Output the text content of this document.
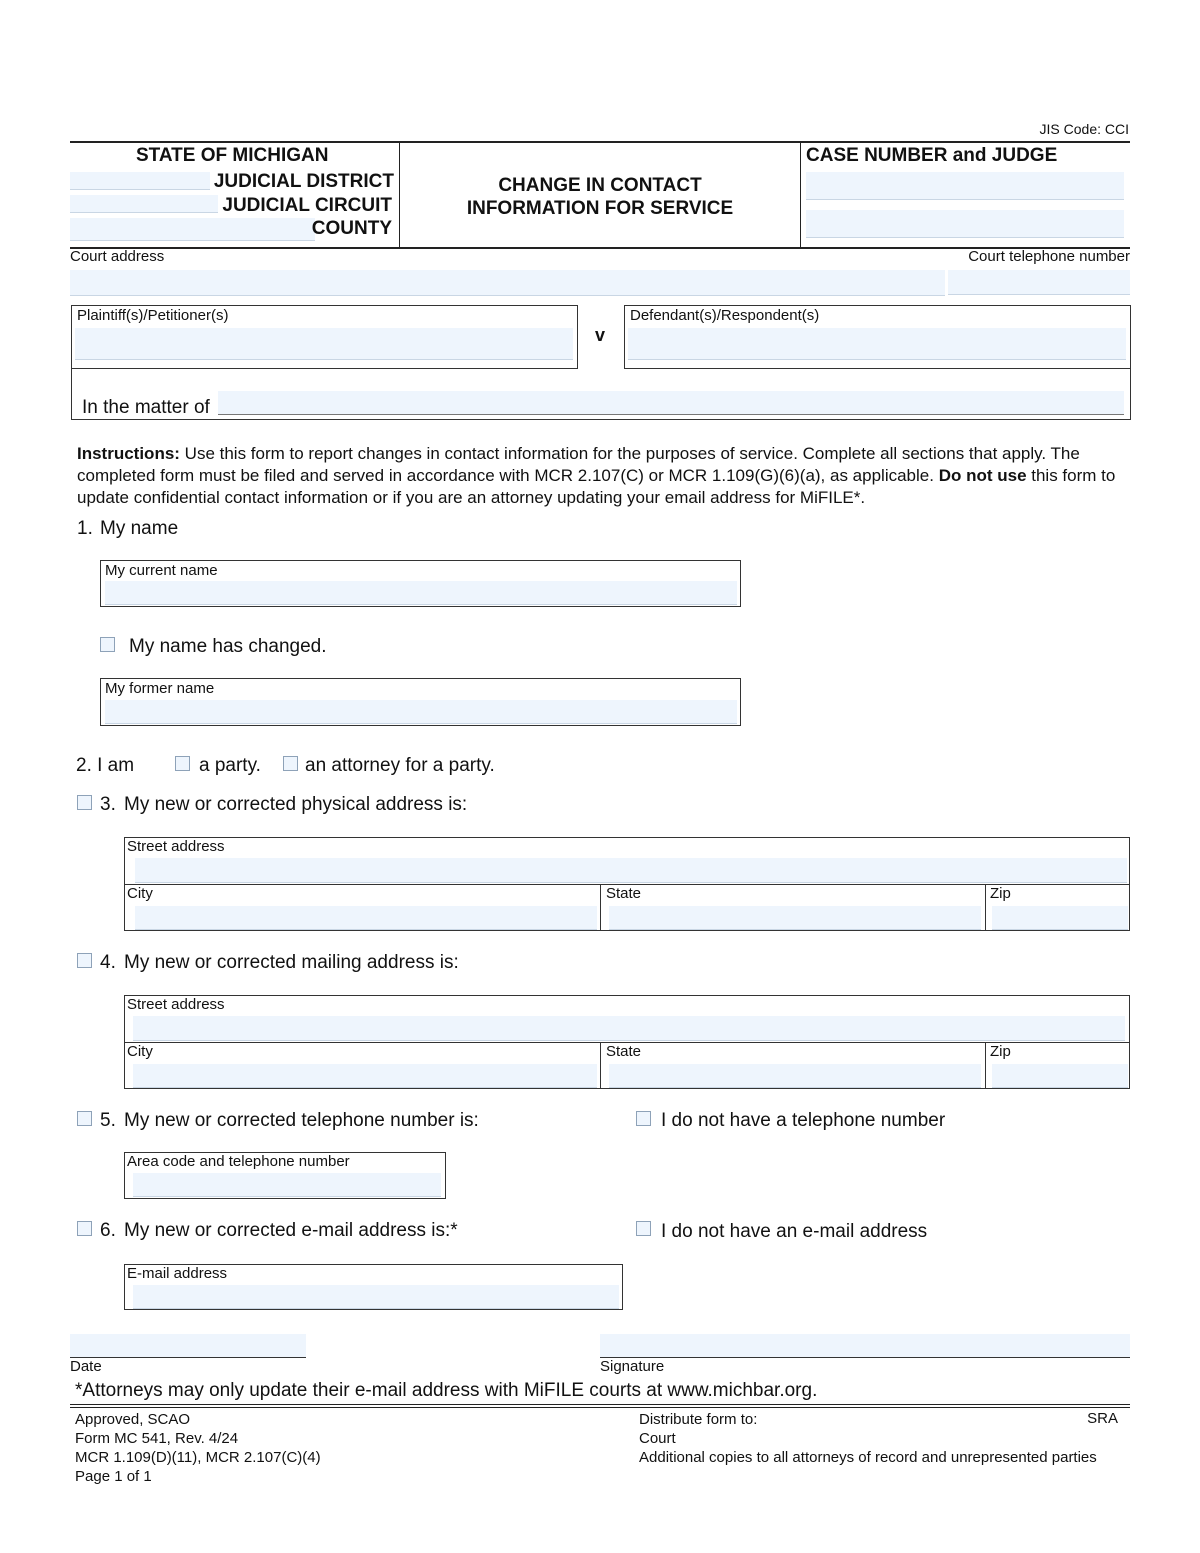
JIS Code: CCI
STATE OF MICHIGAN
JUDICIAL DISTRICT
JUDICIAL CIRCUIT
COUNTY
CHANGE IN CONTACT
INFORMATION FOR SERVICE
CASE NUMBER and JUDGE
Court address	Court telephone number
Plaintiff(s)/Petitioner(s)
v
Defendant(s)/Respondent(s)
In the matter of
Instructions: Use this form to report changes in contact information for the purposes of service. Complete all sections that apply. The completed form must be filed and served in accordance with MCR 2.107(C) or MCR 1.109(G)(6)(a), as applicable. Do not use this form to update confidential contact information or if you are an attorney updating your email address for MiFILE*.
1. My name
My current name
My name has changed.
My former name
2. I am	a party. an attorney for a party.
3. My new or corrected physical address is:
Street address
City	State	Zip
4. My new or corrected mailing address is:
Street address
City	State	Zip
5. My new or corrected telephone number is:	I do not have a telephone number
Area code and telephone number
6. My new or corrected e-mail address is:*	I do not have an e-mail address
E-mail address
Date	Signature
*Attorneys may only update their e-mail address with MiFILE courts at www.michbar.org.
Approved, SCAO
Form MC 541, Rev. 4/24
MCR 1.109(D)(11), MCR 2.107(C)(4)
Page 1 of 1
Distribute form to:
Court
Additional copies to all attorneys of record and unrepresented parties
SRA
